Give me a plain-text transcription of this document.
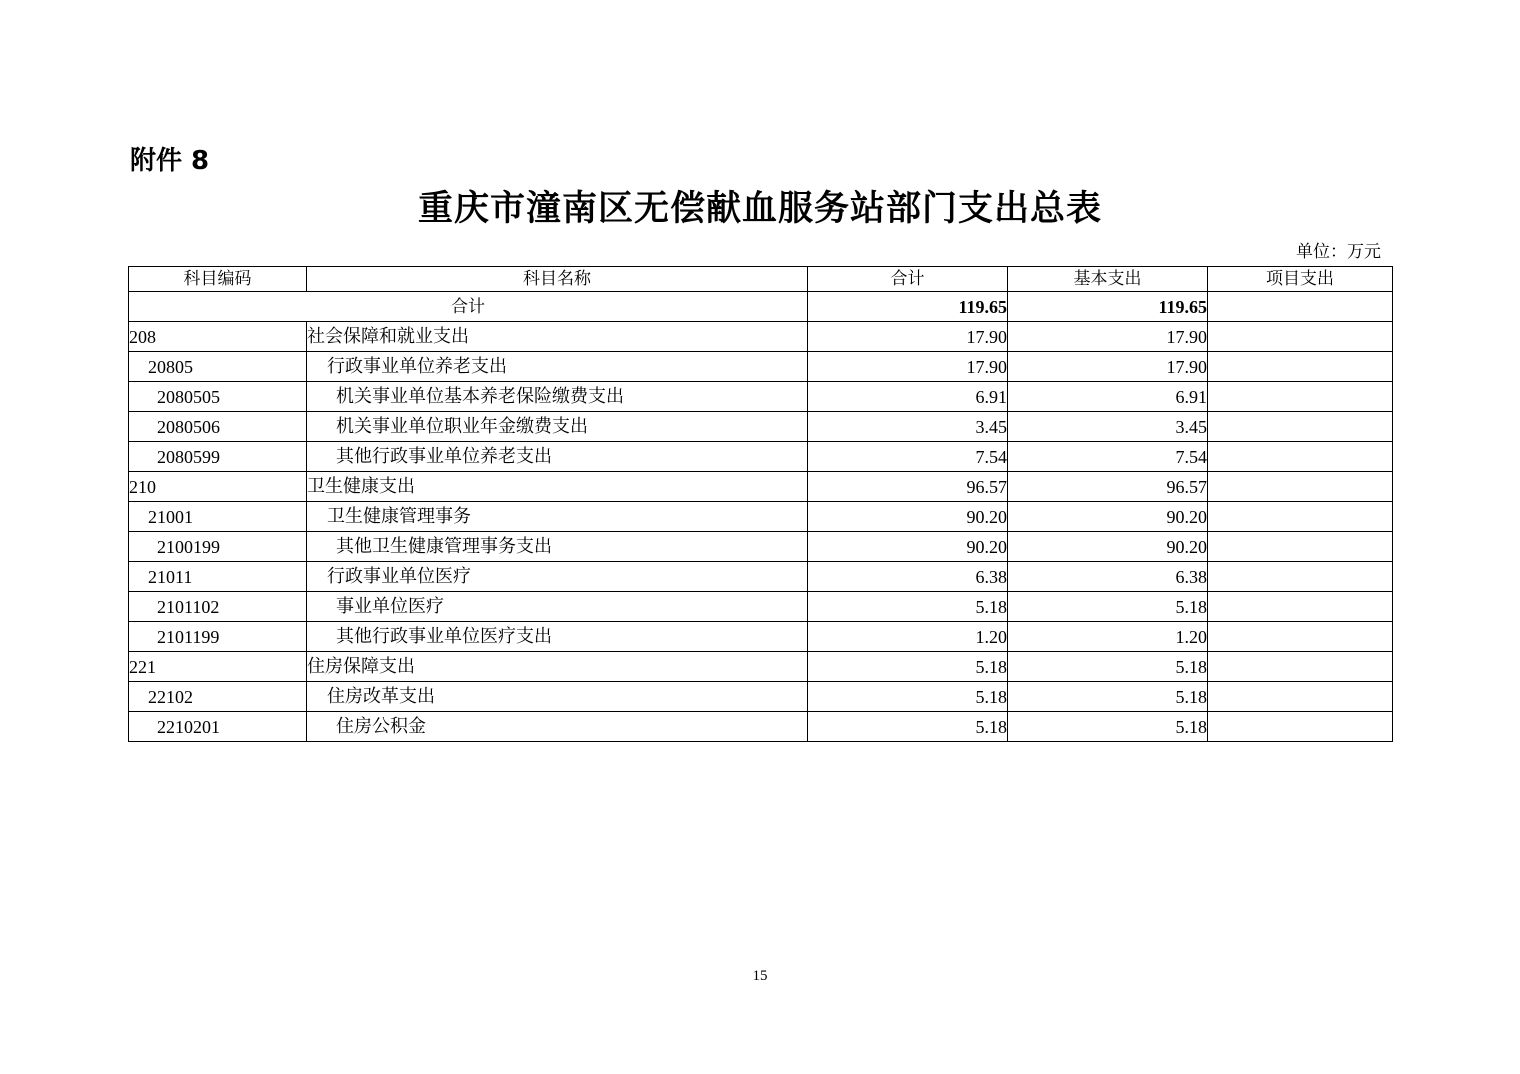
附件 8
重庆市潼南区无偿献血服务站部门支出总表
单位：万元
科目编码	科目名称	合计	基本支出	项目支出
合计		119.65	119.65	
208	社会保障和就业支出	17.90	17.90	
20805	行政事业单位养老支出	17.90	17.90	
2080505	机关事业单位基本养老保险缴费支出	6.91	6.91	
2080506	机关事业单位职业年金缴费支出	3.45	3.45	
2080599	其他行政事业单位养老支出	7.54	7.54	
210	卫生健康支出	96.57	96.57	
21001	卫生健康管理事务	90.20	90.20	
2100199	其他卫生健康管理事务支出	90.20	90.20	
21011	行政事业单位医疗	6.38	6.38	
2101102	事业单位医疗	5.18	5.18	
2101199	其他行政事业单位医疗支出	1.20	1.20	
221	住房保障支出	5.18	5.18	
22102	住房改革支出	5.18	5.18	
2210201	住房公积金	5.18	5.18	
15
